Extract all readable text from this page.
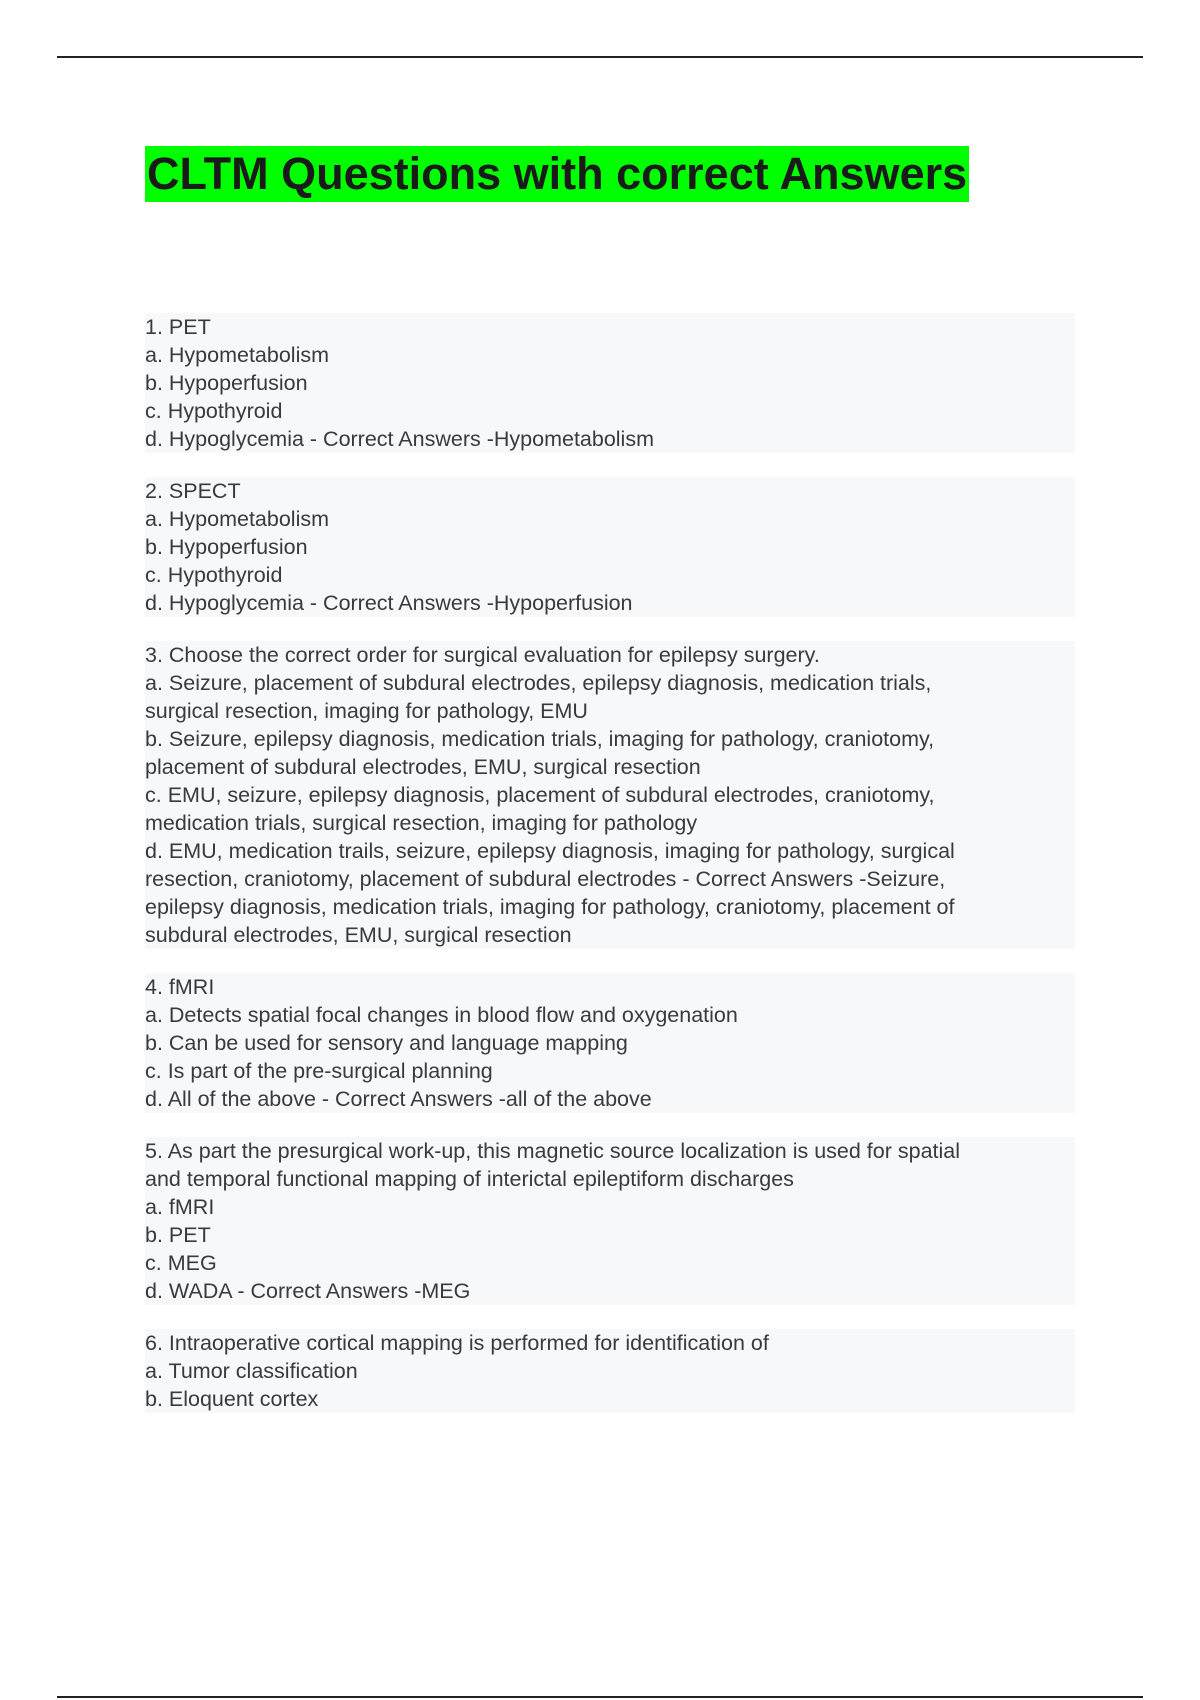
CLTM Questions with correct Answers
1. PET
a. Hypometabolism
b. Hypoperfusion
c. Hypothyroid
d. Hypoglycemia - Correct Answers -Hypometabolism
2. SPECT
a. Hypometabolism
b. Hypoperfusion
c. Hypothyroid
d. Hypoglycemia - Correct Answers -Hypoperfusion
3. Choose the correct order for surgical evaluation for epilepsy surgery.
a. Seizure, placement of subdural electrodes, epilepsy diagnosis, medication trials,
surgical resection, imaging for pathology, EMU
b. Seizure, epilepsy diagnosis, medication trials, imaging for pathology, craniotomy,
placement of subdural electrodes, EMU, surgical resection
c. EMU, seizure, epilepsy diagnosis, placement of subdural electrodes, craniotomy,
medication trials, surgical resection, imaging for pathology
d. EMU, medication trails, seizure, epilepsy diagnosis, imaging for pathology, surgical
resection, craniotomy, placement of subdural electrodes - Correct Answers -Seizure,
epilepsy diagnosis, medication trials, imaging for pathology, craniotomy, placement of
subdural electrodes, EMU, surgical resection
4. fMRI
a. Detects spatial focal changes in blood flow and oxygenation
b. Can be used for sensory and language mapping
c. Is part of the pre-surgical planning
d. All of the above - Correct Answers -all of the above
5. As part the presurgical work-up, this magnetic source localization is used for spatial
and temporal functional mapping of interictal epileptiform discharges
a. fMRI
b. PET
c. MEG
d. WADA - Correct Answers -MEG
6. Intraoperative cortical mapping is performed for identification of
a. Tumor classification
b. Eloquent cortex
